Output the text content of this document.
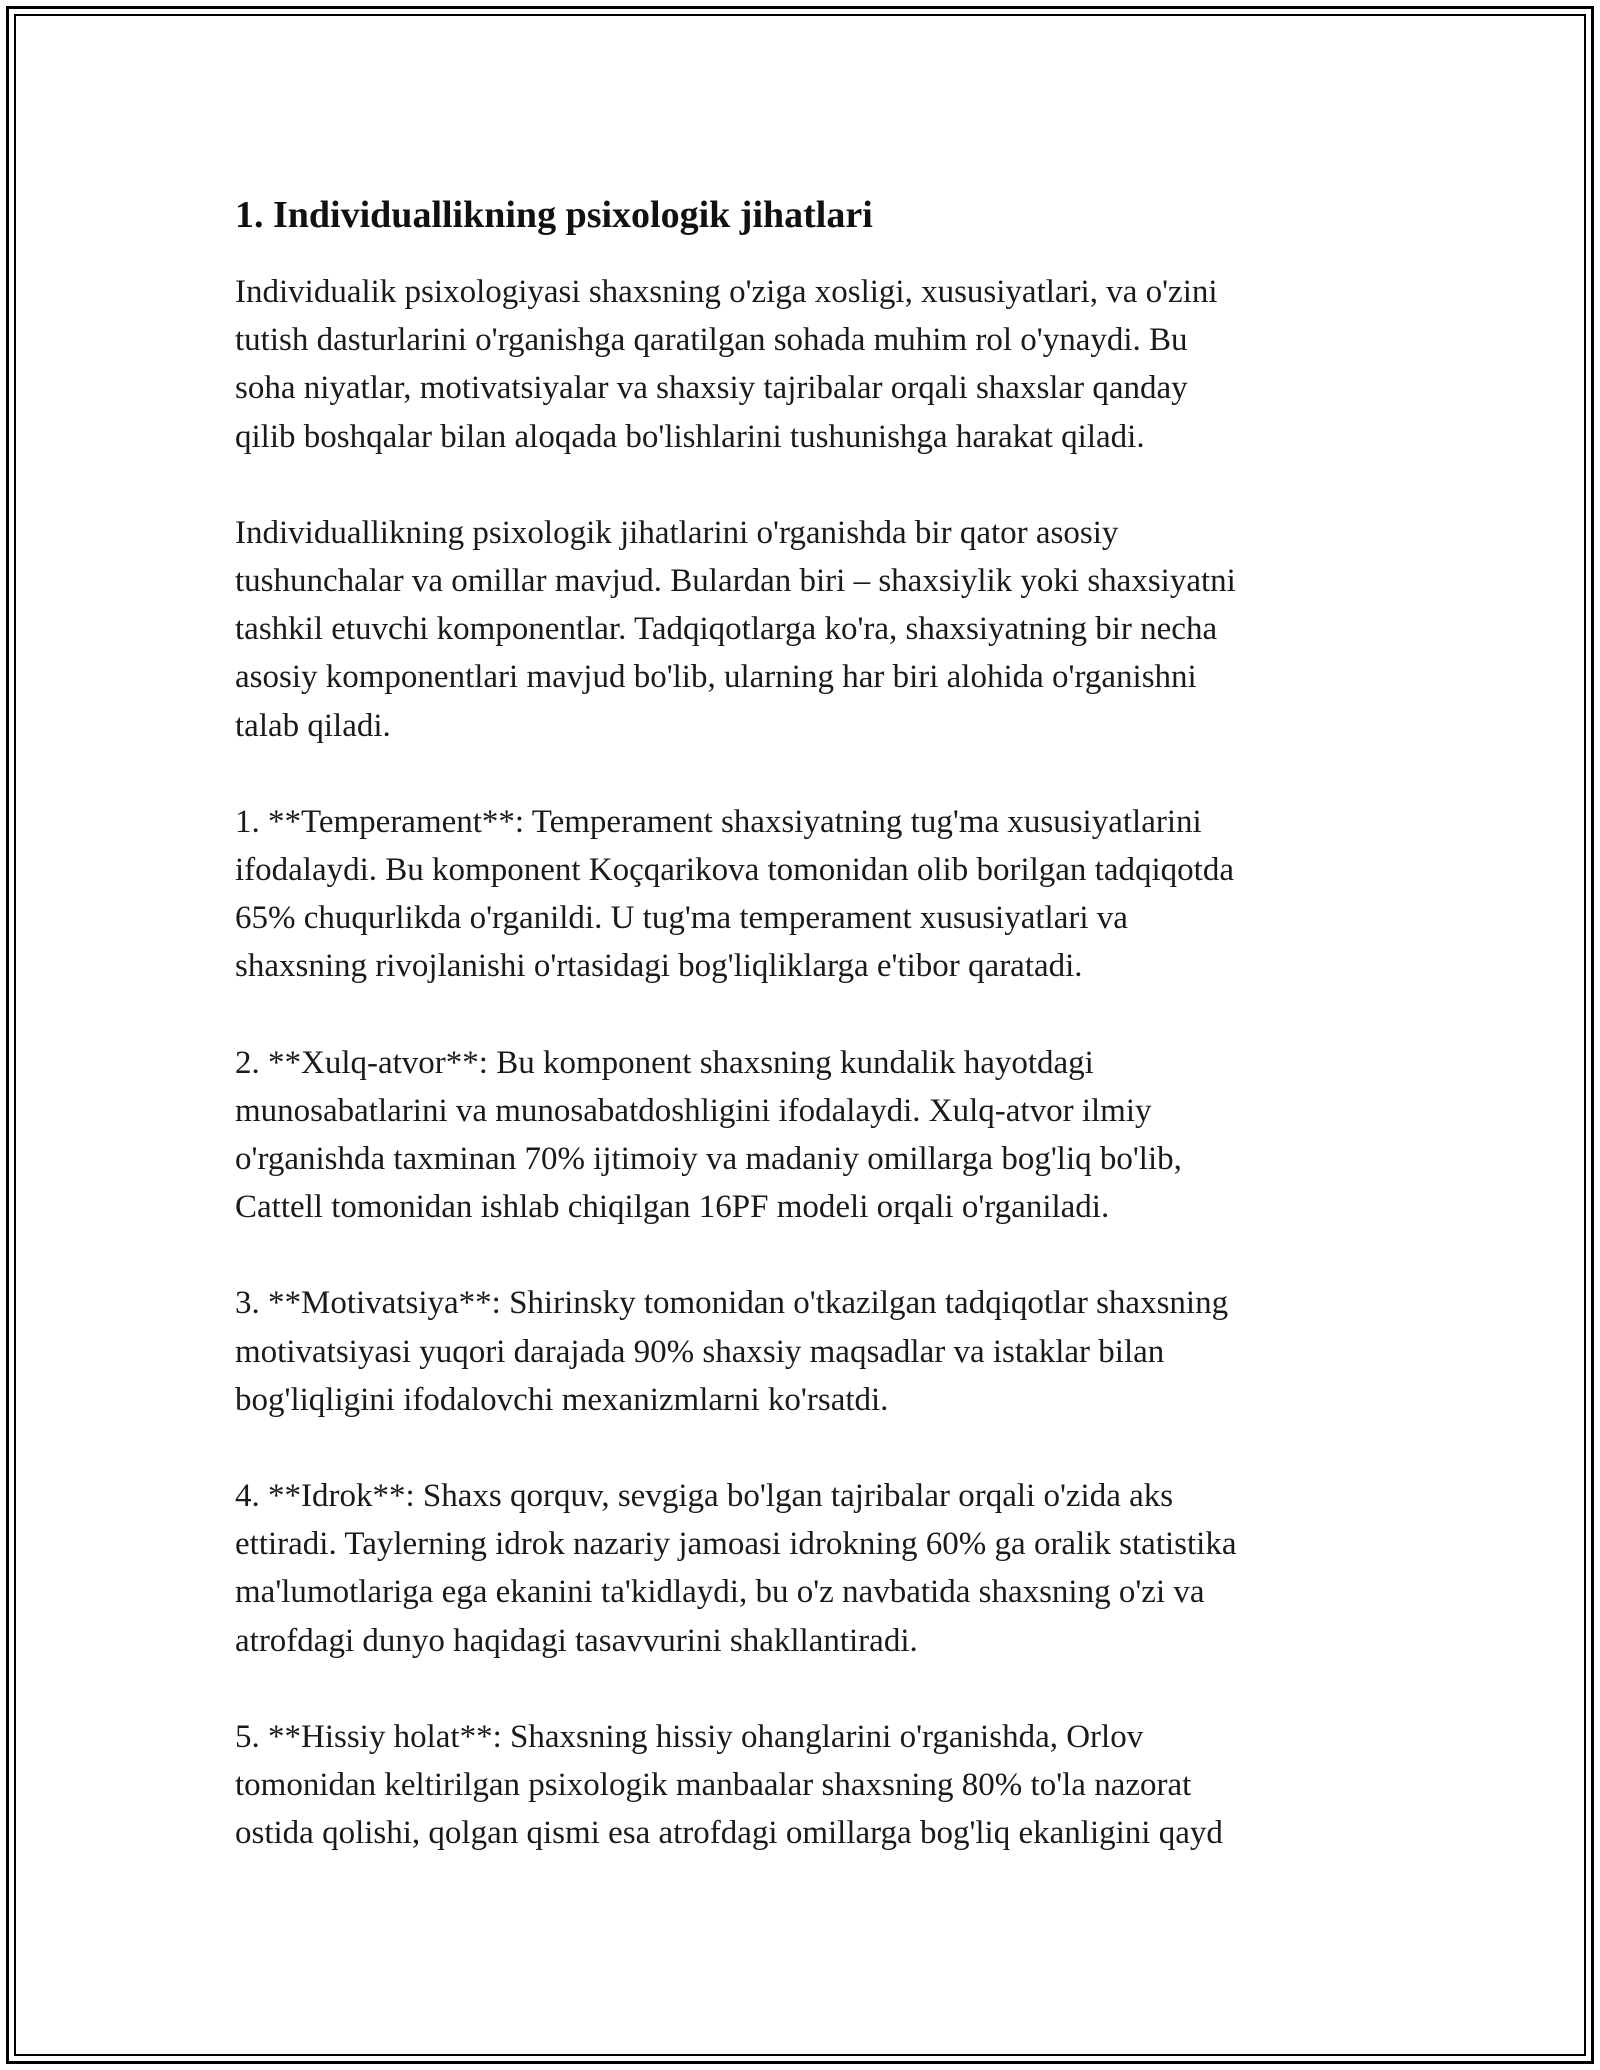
1. Individuallikning psixologik jihatlari

Individualik psixologiyasi shaxsning o'ziga xosligi, xususiyatlari, va o'zini
tutish dasturlarini o'rganishga qaratilgan sohada muhim rol o'ynaydi. Bu
soha niyatlar, motivatsiyalar va shaxsiy tajribalar orqali shaxslar qanday
qilib boshqalar bilan aloqada bo'lishlarini tushunishga harakat qiladi.

Individuallikning psixologik jihatlarini o'rganishda bir qator asosiy
tushunchalar va omillar mavjud. Bulardan biri – shaxsiylik yoki shaxsiyatni
tashkil etuvchi komponentlar. Tadqiqotlarga ko'ra, shaxsiyatning bir necha
asosiy komponentlari mavjud bo'lib, ularning har biri alohida o'rganishni
talab qiladi.

1. **Temperament**: Temperament shaxsiyatning tug'ma xususiyatlarini
ifodalaydi. Bu komponent Koçqarikova tomonidan olib borilgan tadqiqotda
65% chuqurlikda o'rganildi. U tug'ma temperament xususiyatlari va
shaxsning rivojlanishi o'rtasidagi bog'liqliklarga e'tibor qaratadi.

2. **Xulq-atvor**: Bu komponent shaxsning kundalik hayotdagi
munosabatlarini va munosabatdoshligini ifodalaydi. Xulq-atvor ilmiy
o'rganishda taxminan 70% ijtimoiy va madaniy omillarga bog'liq bo'lib,
Cattell tomonidan ishlab chiqilgan 16PF modeli orqali o'rganiladi.

3. **Motivatsiya**: Shirinsky tomonidan o'tkazilgan tadqiqotlar shaxsning
motivatsiyasi yuqori darajada 90% shaxsiy maqsadlar va istaklar bilan
bog'liqligini ifodalovchi mexanizmlarni ko'rsatdi.

4. **Idrok**: Shaxs qorquv, sevgiga bo'lgan tajribalar orqali o'zida aks
ettiradi. Taylerning idrok nazariy jamoasi idrokning 60% ga oralik statistika
ma'lumotlariga ega ekanini ta'kidlaydi, bu o'z navbatida shaxsning o'zi va
atrofdagi dunyo haqidagi tasavvurini shakllantiradi.

5. **Hissiy holat**: Shaxsning hissiy ohanglarini o'rganishda, Orlov
tomonidan keltirilgan psixologik manbaalar shaxsning 80% to'la nazorat
ostida qolishi, qolgan qismi esa atrofdagi omillarga bog'liq ekanligini qayd
